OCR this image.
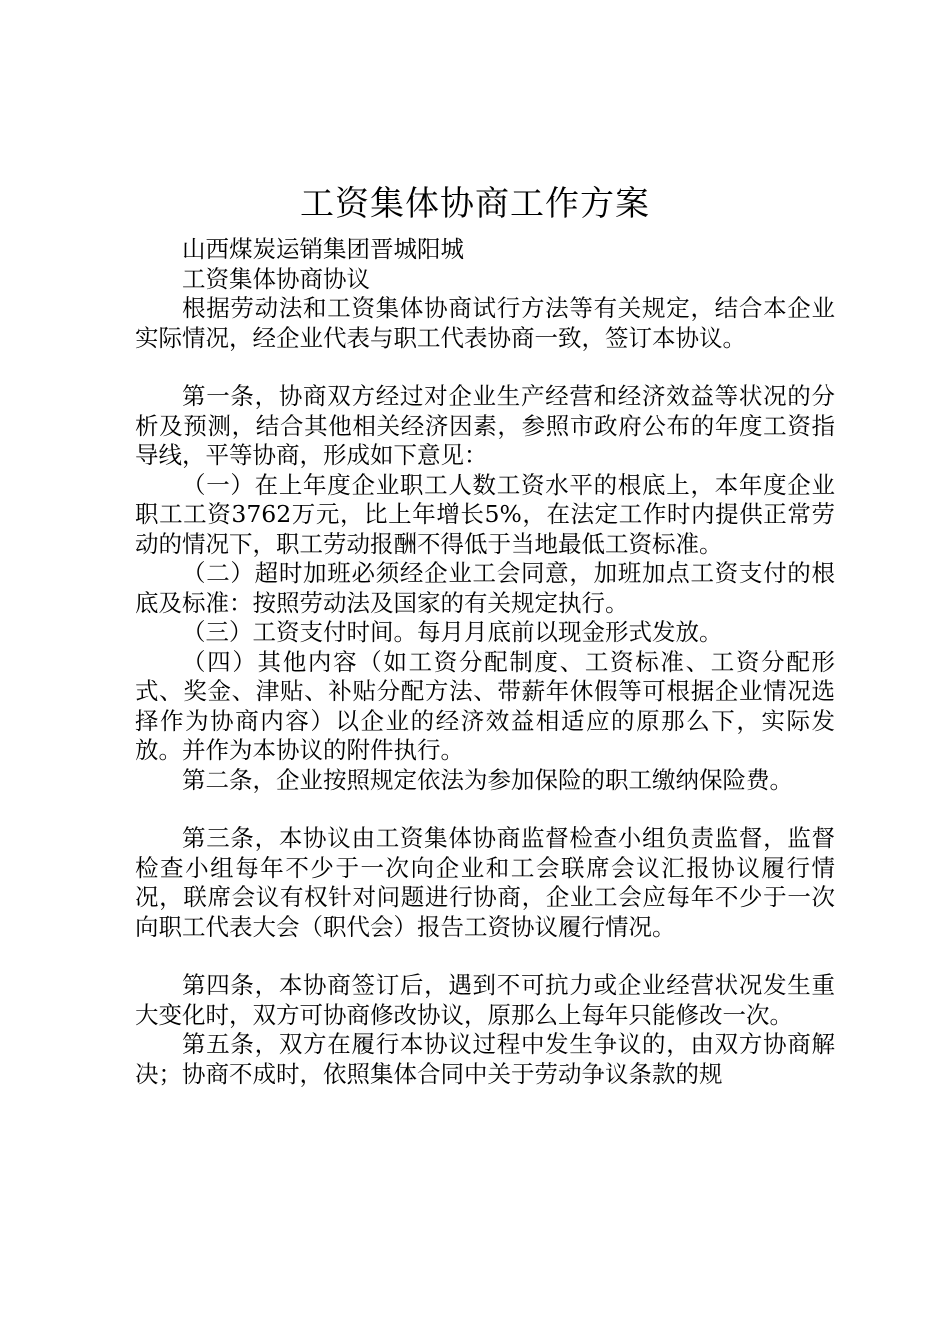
工资集体协商工作方案

山西煤炭运销集团晋城阳城

工资集体协商协议

根据劳动法和工资集体协商试行方法等有关规定，结合本企业实际情况，经企业代表与职工代表协商一致，签订本协议。

第一条，协商双方经过对企业生产经营和经济效益等状况的分析及预测，结合其他相关经济因素，参照市政府公布的年度工资指导线，平等协商，形成如下意见：

（一）在上年度企业职工人数工资水平的根底上，本年度企业职工工资3762万元，比上年增长5%，在法定工作时内提供正常劳动的情况下，职工劳动报酬不得低于当地最低工资标准。

（二）超时加班必须经企业工会同意，加班加点工资支付的根底及标准：按照劳动法及国家的有关规定执行。

（三）工资支付时间。每月月底前以现金形式发放。

（四）其他内容（如工资分配制度、工资标准、工资分配形式、奖金、津贴、补贴分配方法、带薪年休假等可根据企业情况选择作为协商内容）以企业的经济效益相适应的原那么下，实际发放。并作为本协议的附件执行。

第二条，企业按照规定依法为参加保险的职工缴纳保险费。

第三条，本协议由工资集体协商监督检查小组负责监督，监督检查小组每年不少于一次向企业和工会联席会议汇报协议履行情况，联席会议有权针对问题进行协商，企业工会应每年不少于一次向职工代表大会（职代会）报告工资协议履行情况。

第四条，本协商签订后，遇到不可抗力或企业经营状况发生重大变化时，双方可协商修改协议，原那么上每年只能修改一次。

第五条，双方在履行本协议过程中发生争议的，由双方协商解决；协商不成时，依照集体合同中关于劳动争议条款的规
